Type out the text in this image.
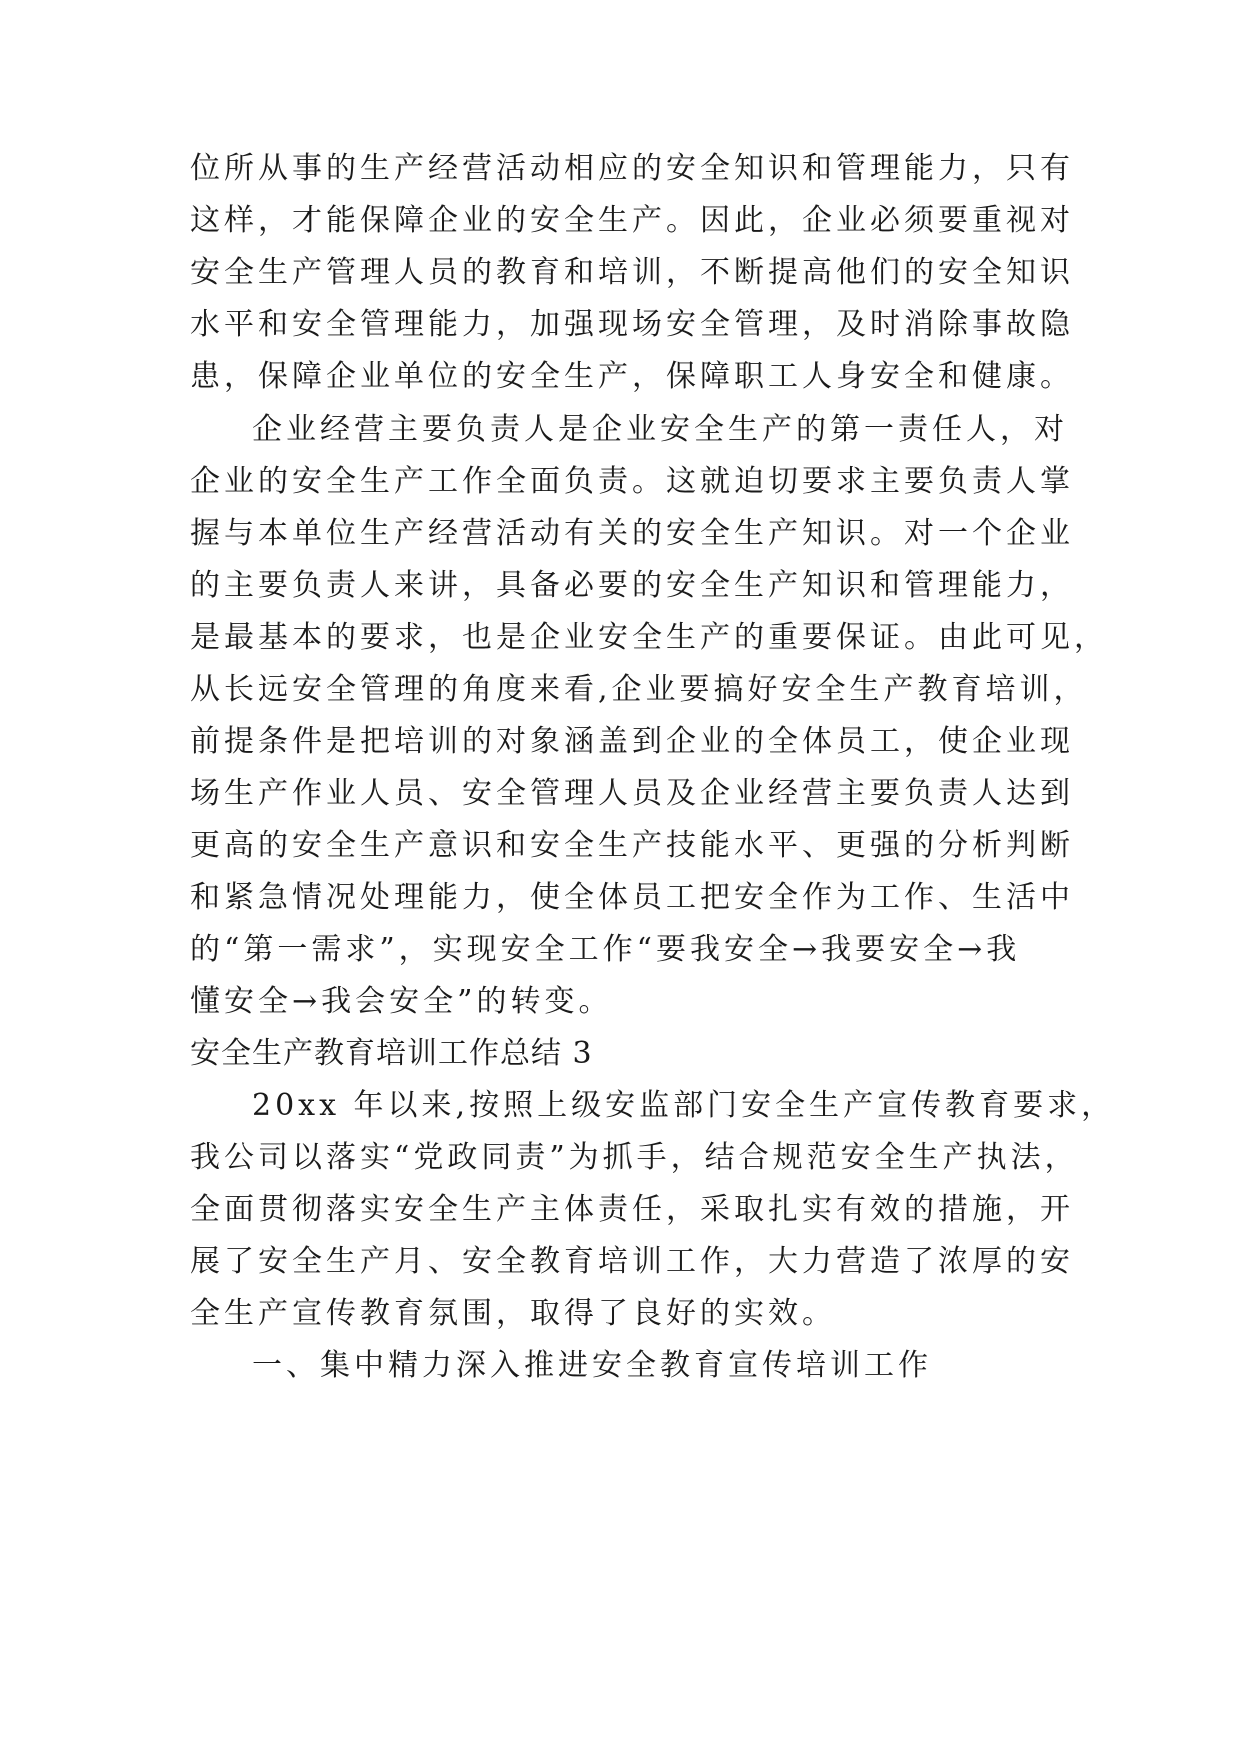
位所从事的生产经营活动相应的安全知识和管理能力，只有
这样，才能保障企业的安全生产。因此，企业必须要重视对
安全生产管理人员的教育和培训，不断提高他们的安全知识
水平和安全管理能力，加强现场安全管理，及时消除事故隐
患，保障企业单位的安全生产，保障职工人身安全和健康。
企业经营主要负责人是企业安全生产的第一责任人，对
企业的安全生产工作全面负责。这就迫切要求主要负责人掌
握与本单位生产经营活动有关的安全生产知识。对一个企业
的主要负责人来讲，具备必要的安全生产知识和管理能力，
是最基本的要求，也是企业安全生产的重要保证。由此可见，
从长远安全管理的角度来看,企业要搞好安全生产教育培训，
前提条件是把培训的对象涵盖到企业的全体员工，使企业现
场生产作业人员、安全管理人员及企业经营主要负责人达到
更高的安全生产意识和安全生产技能水平、更强的分析判断
和紧急情况处理能力，使全体员工把安全作为工作、生活中
的“第一需求”，实现安全工作“要我安全→我要安全→我
懂安全→我会安全”的转变。
安全生产教育培训工作总结 3
20xx 年以来,按照上级安监部门安全生产宣传教育要求，
我公司以落实“党政同责”为抓手，结合规范安全生产执法，
全面贯彻落实安全生产主体责任，采取扎实有效的措施，开
展了安全生产月、安全教育培训工作，大力营造了浓厚的安
全生产宣传教育氛围，取得了良好的实效。
一、集中精力深入推进安全教育宣传培训工作
